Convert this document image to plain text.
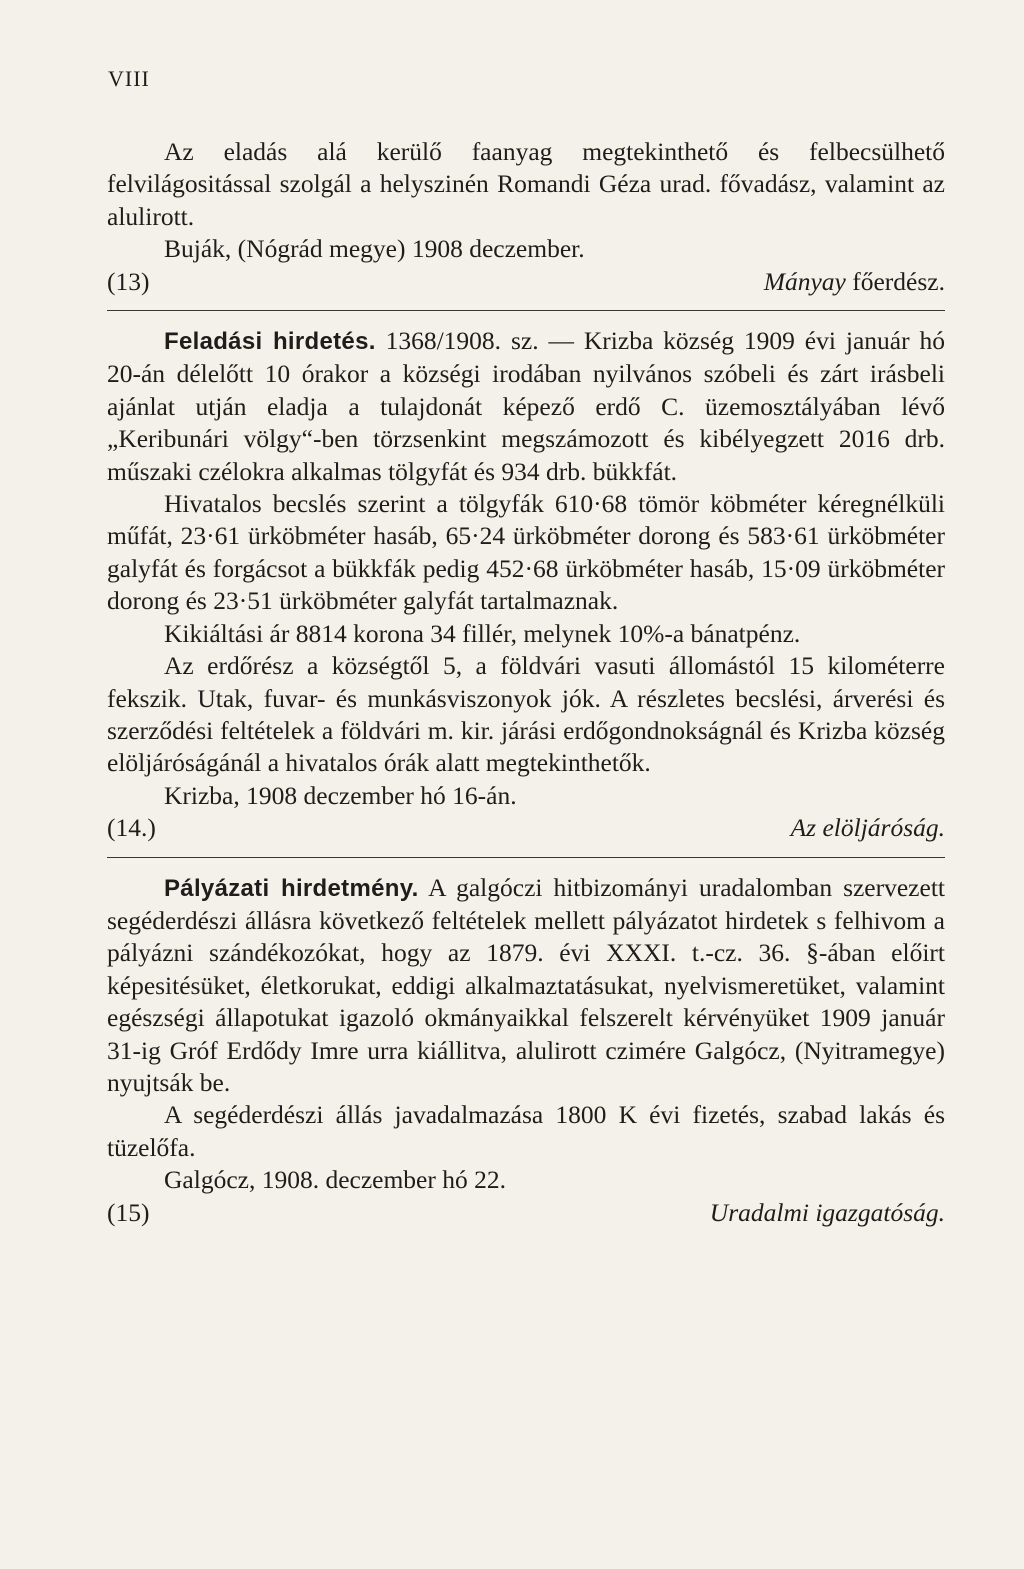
VIII

Az eladás alá kerülő faanyag megtekinthető és felbecsülhető felvilágositással szolgál a helyszinén Romandi Géza urad. fővadász, valamint az alulirott.

Buják, (Nógrád megye) 1908 deczember.

(13)	Mányay főerdész.

Feladási hirdetés. 1368/1908. sz. — Krizba község 1909 évi január hó 20-án délelőtt 10 órakor a községi irodában nyilvános szóbeli és zárt irásbeli ajánlat utján eladja a tulajdonát képező erdő C. üzemosztályában lévő „Keribunári völgy“-ben törzsenkint megszámozott és kibélyegzett 2016 drb. műszaki czélokra alkalmas tölgyfát és 934 drb. bükkfát.

Hivatalos becslés szerint a tölgyfák 610·68 tömör köbméter kéregnélküli műfát, 23·61 ürköbméter hasáb, 65·24 ürköbméter dorong és 583·61 ürköbméter galyfát és forgácsot a bükkfák pedig 452·68 ürköbméter hasáb, 15·09 ürköbméter dorong és 23·51 ürköbméter galyfát tartalmaznak.

Kikiáltási ár 8814 korona 34 fillér, melynek 10%-a bánatpénz.

Az erdőrész a községtől 5, a földvári vasuti állomástól 15 kilométerre fekszik. Utak, fuvar- és munkásviszonyok jók. A részletes becslési, árverési és szerződési feltételek a földvári m. kir. járási erdőgondnokságnál és Krizba község elöljáróságánál a hivatalos órák alatt megtekinthetők.

Krizba, 1908 deczember hó 16-án.

(14.)	Az elöljáróság.

Pályázati hirdetmény. A galgóczi hitbizományi uradalomban szervezett segéderdészi állásra következő feltételek mellett pályázatot hirdetek s felhivom a pályázni szándékozókat, hogy az 1879. évi XXXI. t.-cz. 36. §-ában előirt képesitésüket, életkorukat, eddigi alkalmaztatásukat, nyelvismeretüket, valamint egészségi állapotukat igazoló okmányaikkal felszerelt kérvényüket 1909 január 31-ig Gróf Erdődy Imre urra kiállitva, alulirott czimére Galgócz, (Nyitramegye) nyujtsák be.

A segéderdészi állás javadalmazása 1800 K évi fizetés, szabad lakás és tüzelőfa.

Galgócz, 1908. deczember hó 22.

(15)	Uradalmi igazgatóság.
